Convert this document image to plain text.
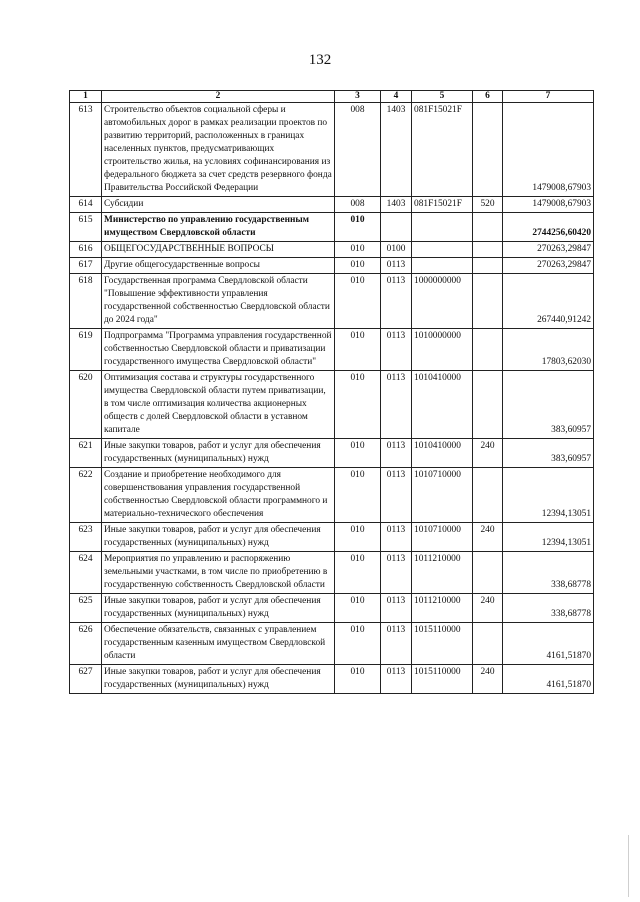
132
1	2	3	4	5	6	7
613	Строительство объектов социальной сферы и автомобильных дорог в рамках реализации проектов по развитию территорий, расположенных в границах населенных пунктов, предусматривающих строительство жилья, на условиях софинансирования из федерального бюджета за счет средств резервного фонда Правительства Российской Федерации	008	1403	081F15021F		1479008,67903
614	Субсидии	008	1403	081F15021F	520	1479008,67903
615	Министерство по управлению государственным имуществом Свердловской области	010				2744256,60420
616	ОБЩЕГОСУДАРСТВЕННЫЕ ВОПРОСЫ	010	0100			270263,29847
617	Другие общегосударственные вопросы	010	0113			270263,29847
618	Государственная программа Свердловской области "Повышение эффективности управления государственной собственностью Свердловской области до 2024 года"	010	0113	1000000000		267440,91242
619	Подпрограмма "Программа управления государственной собственностью Свердловской области и приватизации государственного имущества Свердловской области"	010	0113	1010000000		17803,62030
620	Оптимизация состава и структуры государственного имущества Свердловской области путем приватизации, в том числе оптимизация количества акционерных обществ с долей Свердловской области в уставном капитале	010	0113	1010410000		383,60957
621	Иные закупки товаров, работ и услуг для обеспечения государственных (муниципальных) нужд	010	0113	1010410000	240	383,60957
622	Создание и приобретение необходимого для совершенствования управления государственной собственностью Свердловской области программного и материально-технического обеспечения	010	0113	1010710000		12394,13051
623	Иные закупки товаров, работ и услуг для обеспечения государственных (муниципальных) нужд	010	0113	1010710000	240	12394,13051
624	Мероприятия по управлению и распоряжению земельными участками, в том числе по приобретению в государственную собственность Свердловской области	010	0113	1011210000		338,68778
625	Иные закупки товаров, работ и услуг для обеспечения государственных (муниципальных) нужд	010	0113	1011210000	240	338,68778
626	Обеспечение обязательств, связанных с управлением государственным казенным имуществом Свердловской области	010	0113	1015110000		4161,51870
627	Иные закупки товаров, работ и услуг для обеспечения государственных (муниципальных) нужд	010	0113	1015110000	240	4161,51870
